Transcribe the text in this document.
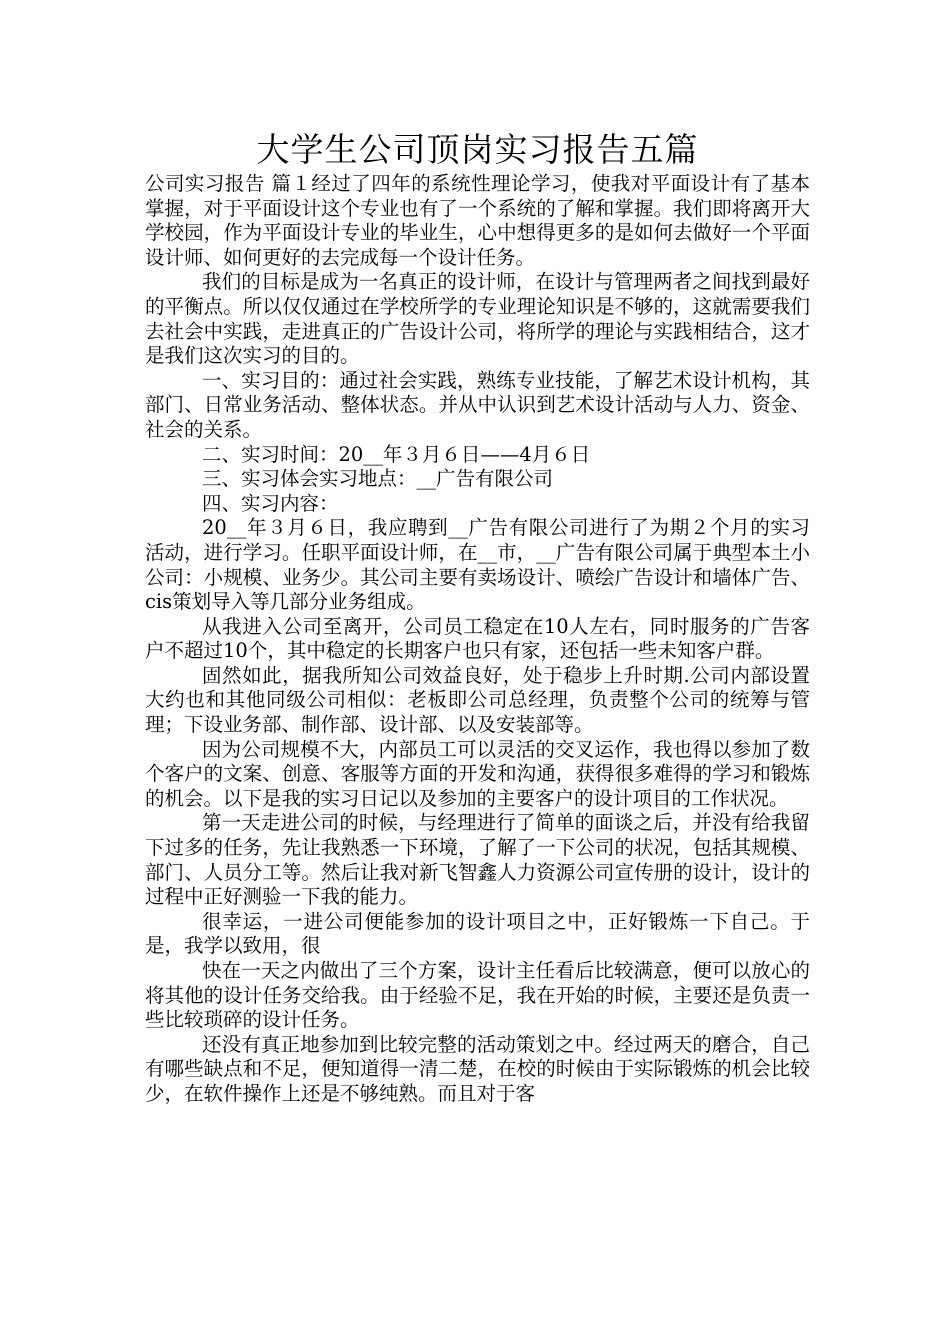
大学生公司顶岗实习报告五篇

公司实习报告 篇１经过了四年的系统性理论学习，使我对平面设计有了基本掌握，对于平面设计这个专业也有了一个系统的了解和掌握。我们即将离开大学校园，作为平面设计专业的毕业生，心中想得更多的是如何去做好一个平面设计师、如何更好的去完成每一个设计任务。

我们的目标是成为一名真正的设计师，在设计与管理两者之间找到最好的平衡点。所以仅仅通过在学校所学的专业理论知识是不够的，这就需要我们去社会中实践，走进真正的广告设计公司，将所学的理论与实践相结合，这才是我们这次实习的目的。

一、实习目的：通过社会实践，熟练专业技能，了解艺术设计机构，其部门、日常业务活动、整体状态。并从中认识到艺术设计活动与人力、资金、社会的关系。

二、实习时间：20__年３月６日——4月６日

三、实习体会实习地点：__广告有限公司

四、实习内容：

20__年３月６日，我应聘到__广告有限公司进行了为期２个月的实习活动，进行学习。任职平面设计师，在__市，__广告有限公司属于典型本土小公司：小规模、业务少。其公司主要有卖场设计、喷绘广告设计和墙体广告、cis策划导入等几部分业务组成。

从我进入公司至离开，公司员工稳定在10人左右，同时服务的广告客户不超过10个，其中稳定的长期客户也只有家，还包括一些未知客户群。

固然如此，据我所知公司效益良好，处于稳步上升时期.公司内部设置大约也和其他同级公司相似：老板即公司总经理，负责整个公司的统筹与管理；下设业务部、制作部、设计部、以及安装部等。

因为公司规模不大，内部员工可以灵活的交叉运作，我也得以参加了数个客户的文案、创意、客服等方面的开发和沟通，获得很多难得的学习和锻炼的机会。以下是我的实习日记以及参加的主要客户的设计项目的工作状况。

第一天走进公司的时候，与经理进行了简单的面谈之后，并没有给我留下过多的任务，先让我熟悉一下环境，了解了一下公司的状况，包括其规模、部门、人员分工等。然后让我对新飞智鑫人力资源公司宣传册的设计，设计的过程中正好测验一下我的能力。

很幸运，一进公司便能参加的设计项目之中，正好锻炼一下自己。于是，我学以致用，很

快在一天之内做出了三个方案，设计主任看后比较满意，便可以放心的将其他的设计任务交给我。由于经验不足，我在开始的时候，主要还是负责一些比较琐碎的设计任务。

还没有真正地参加到比较完整的活动策划之中。经过两天的磨合，自己有哪些缺点和不足，便知道得一清二楚，在校的时候由于实际锻炼的机会比较少，在软件操作上还是不够纯熟。而且对于客
